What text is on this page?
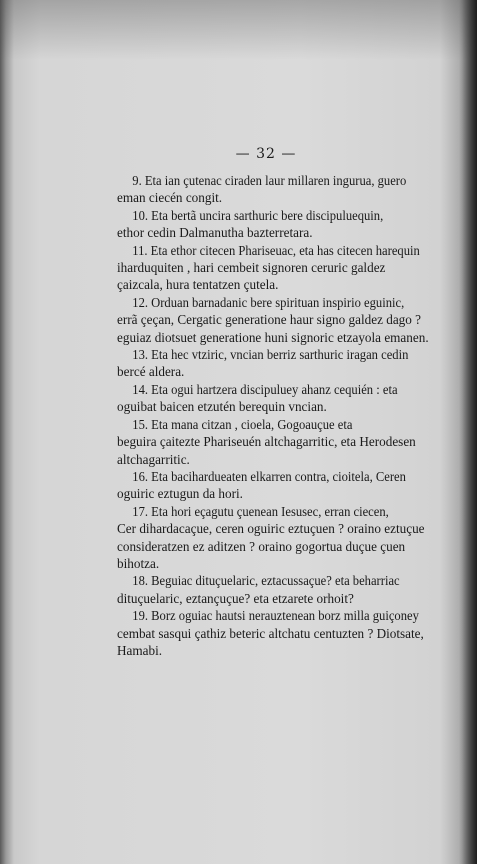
— 32 —

9. Eta ian çutenac ciraden laur millaren ingurua, guero
eman ciecén congit.

10. Eta bertã uncira sarthuric bere discipuluequin,
ethor cedin Dalmanutha bazterretara.

11. Eta ethor citecen Phariseuac, eta has citecen harequin
iharduquiten , hari cembeit signoren ceruric galdez
çaizcala, hura tentatzen çutela.

12. Orduan barnadanic bere spirituan inspirio eguinic,
errã çeçan, Cergatic generatione haur signo galdez dago ?
eguiaz diotsuet generatione huni signoric etzayola emanen.

13. Eta hec vtziric, vncian berriz sarthuric iragan cedin
bercé aldera.

14. Eta ogui hartzera discipuluey ahanz cequién : eta
oguibat baicen etzutén berequin vncian.

15. Eta mana citzan , cioela, Gogoauçue eta
beguira çaitezte Phariseuén altchagarritic, eta Herodesen
altchagarritic.

16. Eta bacihardueaten elkarren contra, cioitela, Ceren
oguiric eztugun da hori.

17. Eta hori eçagutu çuenean Iesusec, erran ciecen,
Cer dihardacaçue, ceren oguiric eztuçuen ? oraino eztuçue
consideratzen ez aditzen ? oraino gogortua duçue çuen
bihotza.

18. Beguiac dituçuelaric, eztacussaçue? eta beharriac
dituçuelaric, eztançuçue? eta etzarete orhoit?

19. Borz oguiac hautsi nerauztenean borz milla guiçoney
cembat sasqui çathiz beteric altchatu centuzten ? Diotsate,
Hamabi.
